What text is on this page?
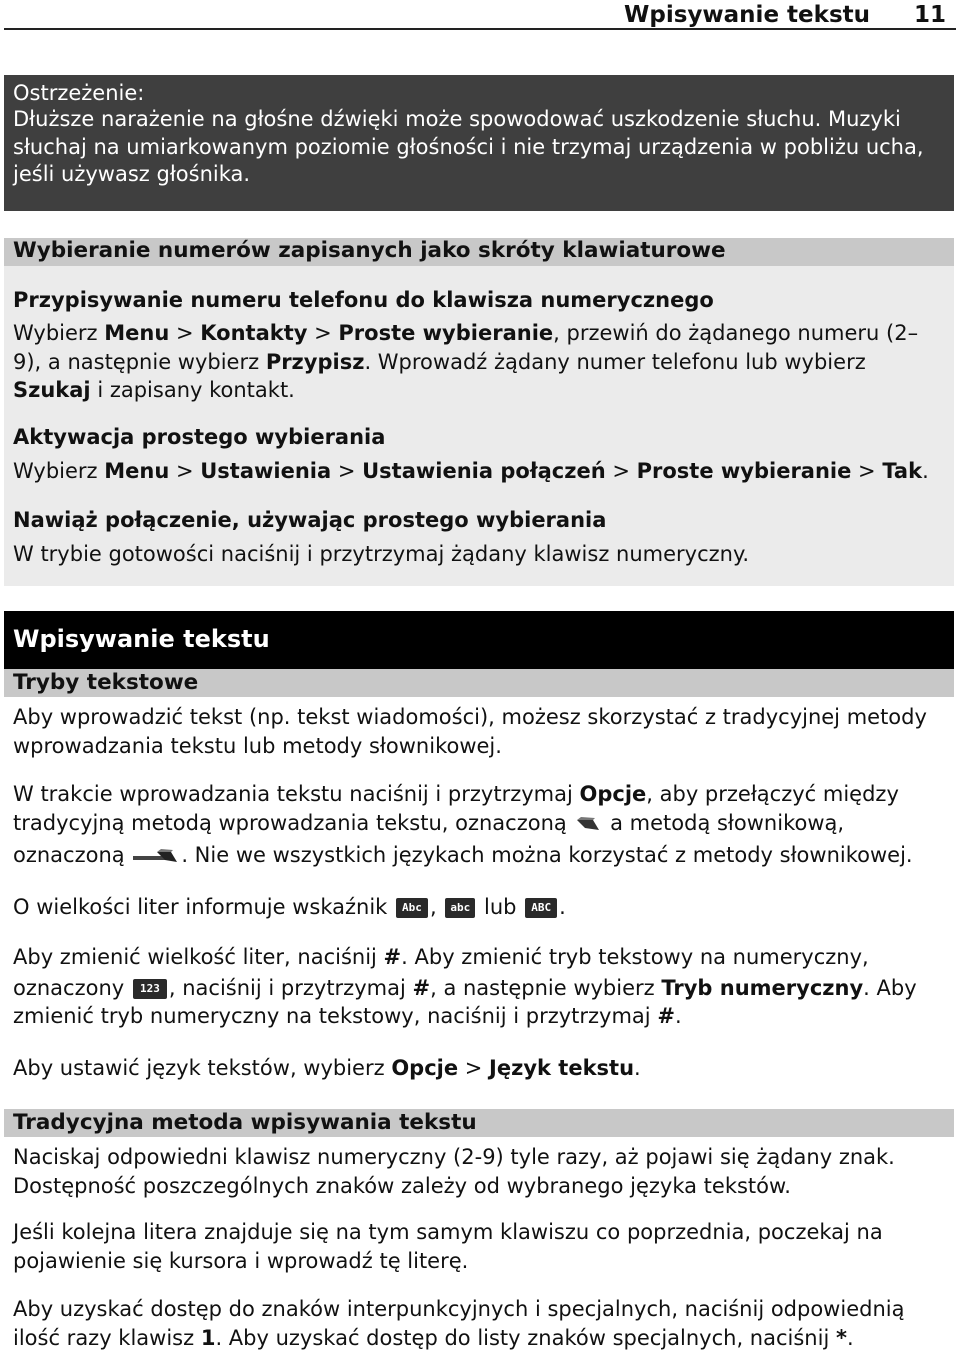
Wpisywanie tekstu 11
Ostrzeżenie:
Dłuższe narażenie na głośne dźwięki może spowodować uszkodzenie słuchu. Muzyki
słuchaj na umiarkowanym poziomie głośności i nie trzymaj urządzenia w pobliżu ucha,
jeśli używasz głośnika.
Wybieranie numerów zapisanych jako skróty klawiaturowe
Przypisywanie numeru telefonu do klawisza numerycznego
Wybierz Menu > Kontakty > Proste wybieranie, przewiń do żądanego numeru (2–
9), a następnie wybierz Przypisz. Wprowadź żądany numer telefonu lub wybierz
Szukaj i zapisany kontakt.
Aktywacja prostego wybierania
Wybierz Menu > Ustawienia > Ustawienia połączeń > Proste wybieranie > Tak.
Nawiąż połączenie, używając prostego wybierania
W trybie gotowości naciśnij i przytrzymaj żądany klawisz numeryczny.
Wpisywanie tekstu
Tryby tekstowe
Aby wprowadzić tekst (np. tekst wiadomości), możesz skorzystać z tradycyjnej metody
wprowadzania tekstu lub metody słownikowej.
W trakcie wprowadzania tekstu naciśnij i przytrzymaj Opcje, aby przełączyć między
tradycyjną metodą wprowadzania tekstu, oznaczoną  a metodą słownikową,
oznaczoną . Nie we wszystkich językach można korzystać z metody słownikowej.
O wielkości liter informuje wskaźnik Abc , abc lub ABC .
Aby zmienić wielkość liter, naciśnij #. Aby zmienić tryb tekstowy na numeryczny,
oznaczony 123 , naciśnij i przytrzymaj #, a następnie wybierz Tryb numeryczny. Aby
zmienić tryb numeryczny na tekstowy, naciśnij i przytrzymaj #.
Aby ustawić język tekstów, wybierz Opcje > Język tekstu.
Tradycyjna metoda wpisywania tekstu
Naciskaj odpowiedni klawisz numeryczny (2-9) tyle razy, aż pojawi się żądany znak.
Dostępność poszczególnych znaków zależy od wybranego języka tekstów.
Jeśli kolejna litera znajduje się na tym samym klawiszu co poprzednia, poczekaj na
pojawienie się kursora i wprowadź tę literę.
Aby uzyskać dostęp do znaków interpunkcyjnych i specjalnych, naciśnij odpowiednią
ilość razy klawisz 1. Aby uzyskać dostęp do listy znaków specjalnych, naciśnij *.
